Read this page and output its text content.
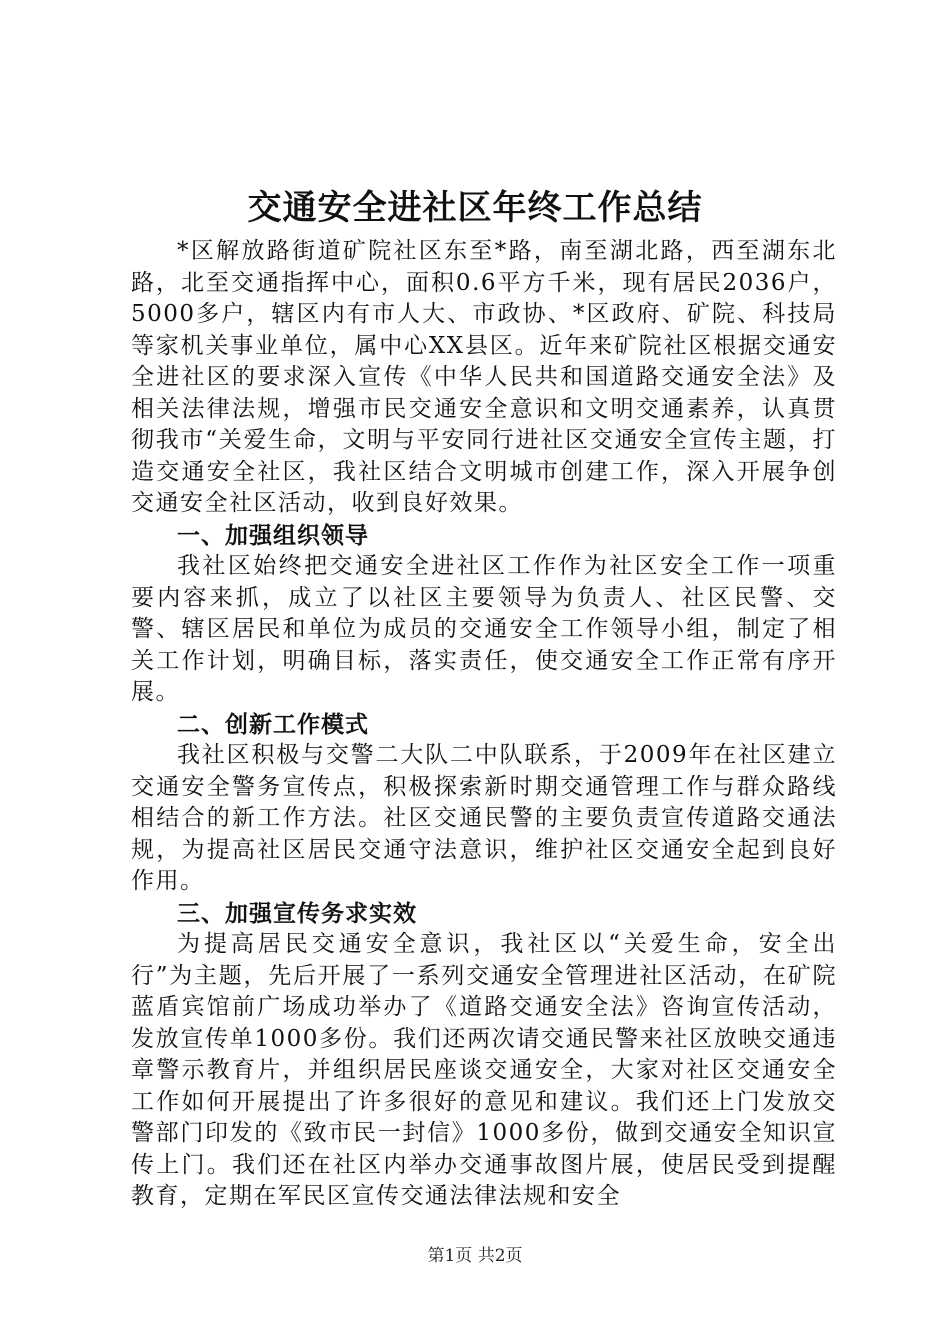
交通安全进社区年终工作总结

*区解放路街道矿院社区东至*路，南至湖北路，西至湖东北路，北至交通指挥中心，面积0.6平方千米，现有居民2036户，5000多户，辖区内有市人大、市政协、*区政府、矿院、科技局等家机关事业单位，属中心XX县区。近年来矿院社区根据交通安全进社区的要求深入宣传《中华人民共和国道路交通安全法》及相关法律法规，增强市民交通安全意识和文明交通素养，认真贯彻我市“关爱生命，文明与平安同行进社区交通安全宣传主题，打造交通安全社区，我社区结合文明城市创建工作，深入开展争创交通安全社区活动，收到良好效果。

一、加强组织领导

我社区始终把交通安全进社区工作作为社区安全工作一项重要内容来抓，成立了以社区主要领导为负责人、社区民警、交警、辖区居民和单位为成员的交通安全工作领导小组，制定了相关工作计划，明确目标，落实责任，使交通安全工作正常有序开展。

二、创新工作模式

我社区积极与交警二大队二中队联系，于2009年在社区建立交通安全警务宣传点，积极探索新时期交通管理工作与群众路线相结合的新工作方法。社区交通民警的主要负责宣传道路交通法规，为提高社区居民交通守法意识，维护社区交通安全起到良好作用。

三、加强宣传务求实效

为提高居民交通安全意识，我社区以“关爱生命，安全出行”为主题，先后开展了一系列交通安全管理进社区活动，在矿院蓝盾宾馆前广场成功举办了《道路交通安全法》咨询宣传活动，发放宣传单1000多份。我们还两次请交通民警来社区放映交通违章警示教育片，并组织居民座谈交通安全，大家对社区交通安全工作如何开展提出了许多很好的意见和建议。我们还上门发放交警部门印发的《致市民一封信》1000多份，做到交通安全知识宣传上门。我们还在社区内举办交通事故图片展，使居民受到提醒教育，定期在军民区宣传交通法律法规和安全

第1页 共2页
